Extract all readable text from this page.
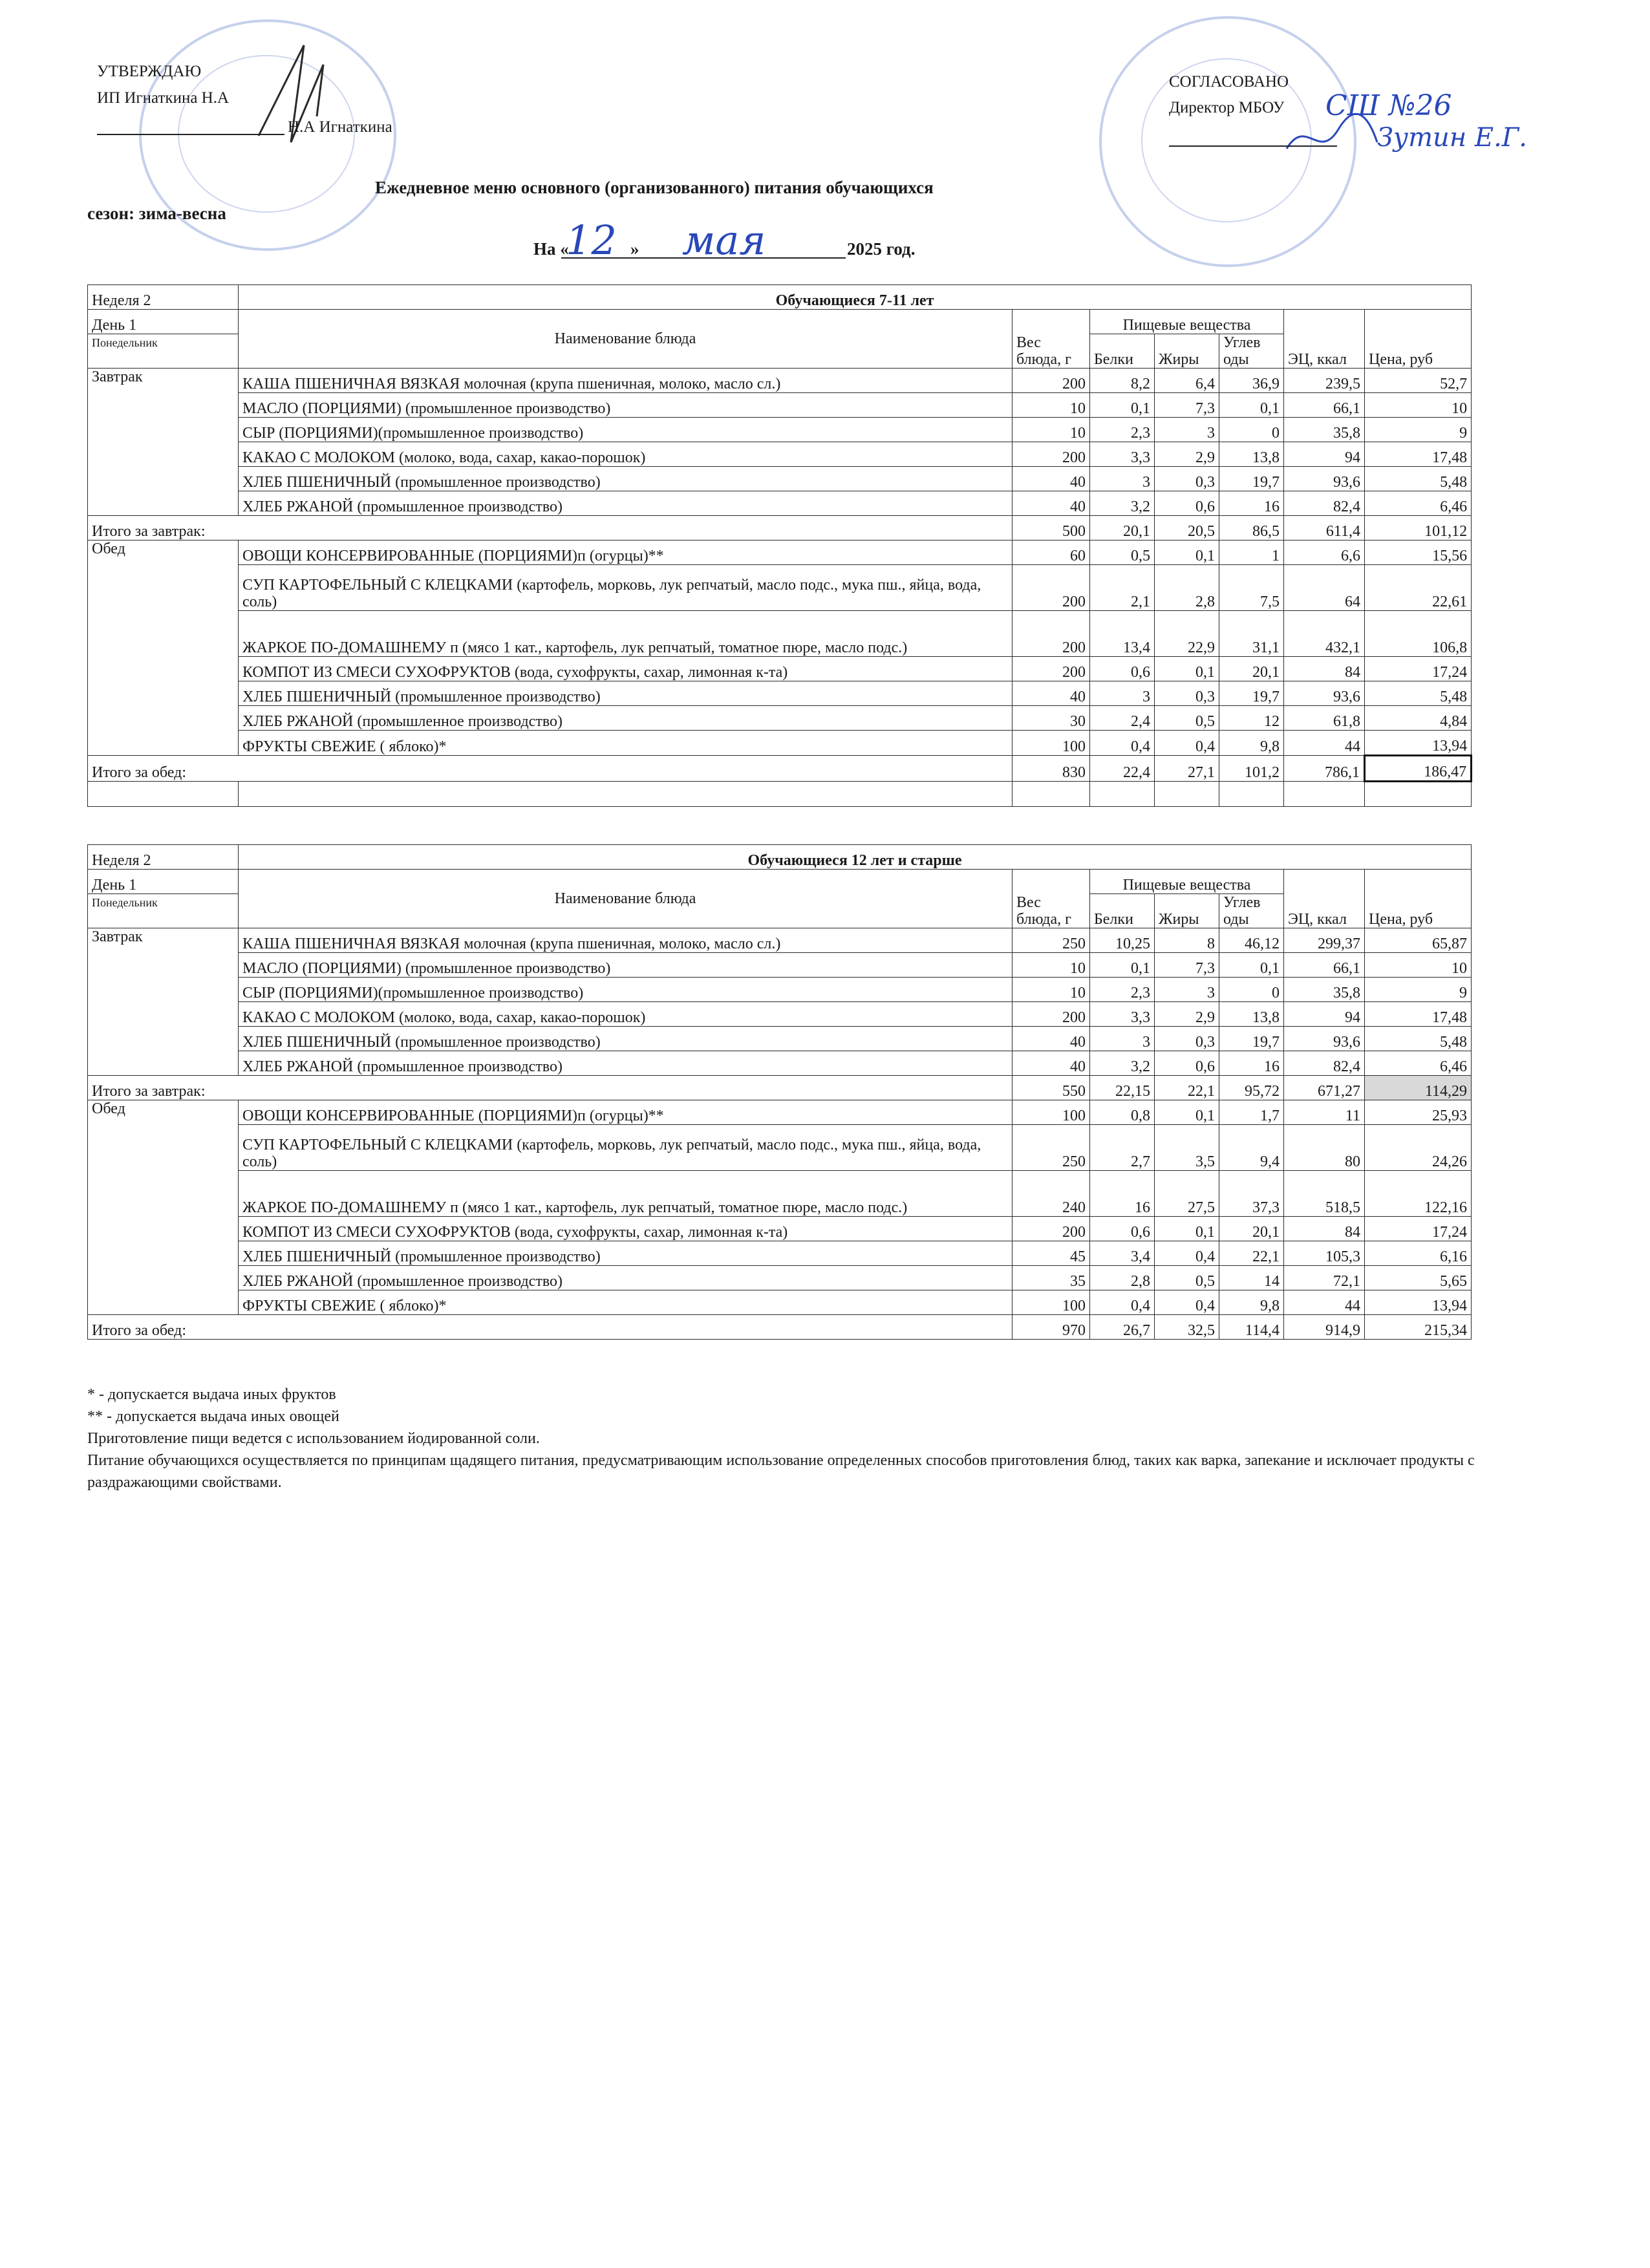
УТВЕРЖДАЮ
ИП Игнаткина Н.А
Н.А Игнаткина
СОГЛАСОВАНО
Директор МБОУ СШ №26
Зутин Е.Г.
Ежедневное меню основного (организованного) питания обучающихся
сезон: зима-весна
На «
12 » мая	2025 год.
Неделя 2	Обучающиеся 7-11 лет						
День 1	Наименование блюда	Вес блюда, г	Пищевые вещества			ЭЦ, ккал	Цена, руб
Понедельник							
			Белки	Жиры	Углев оды		
Завтрак	КАША ПШЕНИЧНАЯ ВЯЗКАЯ молочная (крупа пшеничная, молоко, масло сл.)	200	8,2	6,4	36,9	239,5	52,7
	МАСЛО (ПОРЦИЯМИ) (промышленное производство)	10	0,1	7,3	0,1	66,1	10
	СЫР (ПОРЦИЯМИ)(промышленное производство)	10	2,3	3	0	35,8	9
	КАКАО С МОЛОКОМ (молоко, вода, сахар, какао-порошок)	200	3,3	2,9	13,8	94	17,48
	ХЛЕБ ПШЕНИЧНЫЙ (промышленное производство)	40	3	0,3	19,7	93,6	5,48
	ХЛЕБ РЖАНОЙ (промышленное производство)	40	3,2	0,6	16	82,4	6,46
Итого за завтрак:		500	20,1	20,5	86,5	611,4	101,12
Обед	ОВОЩИ КОНСЕРВИРОВАННЫЕ (ПОРЦИЯМИ)п (огурцы)**	60	0,5	0,1	1	6,6	15,56
	СУП КАРТОФЕЛЬНЫЙ С КЛЕЦКАМИ (картофель, морковь, лук репчатый, масло подс., мука пш., яйца, вода, соль)	200	2,1	2,8	7,5	64	22,61
	ЖАРКОЕ ПО-ДОМАШНЕМУ п (мясо 1 кат., картофель, лук репчатый, томатное пюре, масло подс.)	200	13,4	22,9	31,1	432,1	106,8
	КОМПОТ ИЗ СМЕСИ СУХОФРУКТОВ (вода, сухофрукты, сахар, лимонная к-та)	200	0,6	0,1	20,1	84	17,24
	ХЛЕБ ПШЕНИЧНЫЙ (промышленное производство)	40	3	0,3	19,7	93,6	5,48
	ХЛЕБ РЖАНОЙ (промышленное производство)	30	2,4	0,5	12	61,8	4,84
	ФРУКТЫ СВЕЖИЕ ( яблоко)*	100	0,4	0,4	9,8	44	13,94
Итого за обед:		830	22,4	27,1	101,2	786,1	186,47

Неделя 2	Обучающиеся 12 лет и старше						
День 1	Наименование блюда	Вес блюда, г	Пищевые вещества			ЭЦ, ккал	Цена, руб
Понедельник							
			Белки	Жиры	Углев оды		
Завтрак	КАША ПШЕНИЧНАЯ ВЯЗКАЯ молочная (крупа пшеничная, молоко, масло сл.)	250	10,25	8	46,12	299,37	65,87
	МАСЛО (ПОРЦИЯМИ) (промышленное производство)	10	0,1	7,3	0,1	66,1	10
	СЫР (ПОРЦИЯМИ)(промышленное производство)	10	2,3	3	0	35,8	9
	КАКАО С МОЛОКОМ (молоко, вода, сахар, какао-порошок)	200	3,3	2,9	13,8	94	17,48
	ХЛЕБ ПШЕНИЧНЫЙ (промышленное производство)	40	3	0,3	19,7	93,6	5,48
	ХЛЕБ РЖАНОЙ (промышленное производство)	40	3,2	0,6	16	82,4	6,46
Итого за завтрак:		550	22,15	22,1	95,72	671,27	114,29
Обед	ОВОЩИ КОНСЕРВИРОВАННЫЕ (ПОРЦИЯМИ)п (огурцы)**	100	0,8	0,1	1,7	11	25,93
	СУП КАРТОФЕЛЬНЫЙ С КЛЕЦКАМИ (картофель, морковь, лук репчатый, масло подс., мука пш., яйца, вода, соль)	250	2,7	3,5	9,4	80	24,26
	ЖАРКОЕ ПО-ДОМАШНЕМУ п (мясо 1 кат., картофель, лук репчатый, томатное пюре, масло подс.)	240	16	27,5	37,3	518,5	122,16
	КОМПОТ ИЗ СМЕСИ СУХОФРУКТОВ (вода, сухофрукты, сахар, лимонная к-та)	200	0,6	0,1	20,1	84	17,24
	ХЛЕБ ПШЕНИЧНЫЙ (промышленное производство)	45	3,4	0,4	22,1	105,3	6,16
	ХЛЕБ РЖАНОЙ (промышленное производство)	35	2,8	0,5	14	72,1	5,65
	ФРУКТЫ СВЕЖИЕ ( яблоко)*	100	0,4	0,4	9,8	44	13,94
Итого за обед:		970	26,7	32,5	114,4	914,9	215,34
* - допускается выдача иных фруктов
** - допускается выдача иных овощей
Приготовление пищи ведется с использованием йодированной соли.
Питание обучающихся осуществляется по принципам щадящего питания, предусматривающим использование определенных способов приготовления блюд, таких как варка, запекание и исключает продукты с раздражающими свойствами.
